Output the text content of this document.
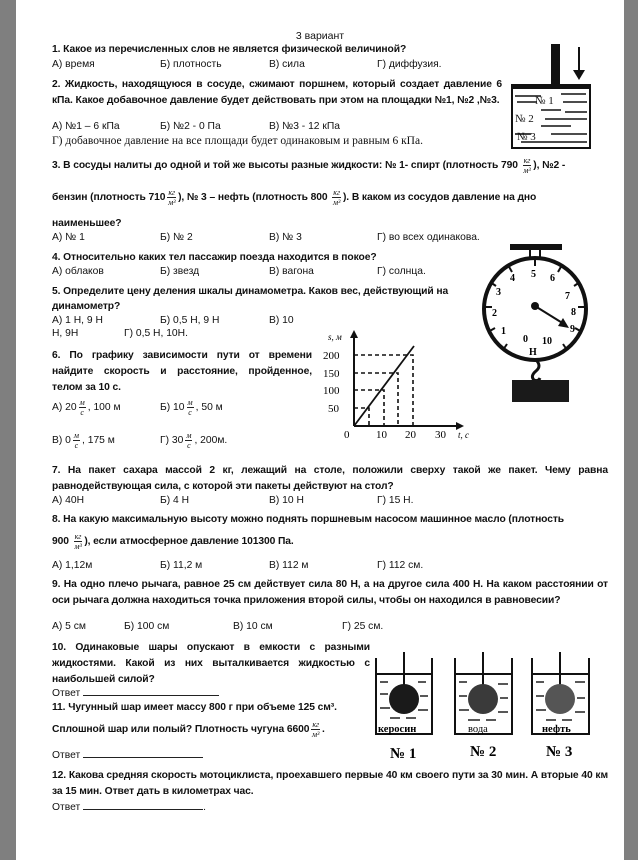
3 вариант
1. Какое из перечисленных слов не является физической величиной?
А) время	Б) плотность	В) сила	Г) диффузия.
2. Жидкость, находящуюся в сосуде, сжимают поршнем, который создает давление 6 кПа. Какое добавочное давление будет действовать при этом на площадки №1, №2 ,№3.
А) №1 – 6 кПа	Б) №2 - 0 Па	В) №3 - 12 кПа
Г) добавочное давление на все площади будет одинаковым и равным 6 кПа.
№ 1
№ 2
№ 3
3. В сосуды налиты до одной и той же высоты разные жидкости: № 1- спирт (плотность $790 \frac{кг}{\text{м³}}$ ), №2 -
бензин (плотность $710 \frac{кг}{\text{м³}}$ ), № 3 – нефть (плотность $800 \frac{кг}{\text{м³}}$ ). В каком из сосудов давление на дно
наименьшее?
А) № 1	Б) № 2	В) № 3	Г) во всех одинакова.
4. Относительно каких тел пассажир поезда находится в покое?
А) облаков	Б) звезд	В) вагона	Г) солнца.
5. Определите цену деления шкалы динамометра. Каков вес, действующий на
динамометр?
А) 1 Н, 9 Н	Б) 0,5 Н, 9 Н	В) 10
Н, 9Н	Г) 0,5 Н, 10Н.
5
4	6
3	7
2	8
1	9
0 10
Н
6. По графику зависимости пути от времени найдите скорость и расстояние, пройденное, телом за 10 с.
А) $20 \frac{м}{с}$ , 100 м	Б) $10 \frac{м}{с}$ , 50 м
В) $0 \frac{м}{с}$ , 175 м	Г) $30 \frac{м}{с}$ , 200м.
s, м
200
150
100
50
0 10 20 30 t, c
7. На пакет сахара массой 2 кг, лежащий на столе, положили сверху такой же пакет. Чему равна равнодействующая сила, с которой эти пакеты действуют на стол?
А) 40Н	Б) 4 Н	В) 10 Н	Г) 15 Н.
8. На какую максимальную высоту можно поднять поршневым насосом машинное масло (плотность
$900 \frac{кг}{\text{м³}}$ ), если атмосферное давление 101300 Па.
А) 1,12м	Б) 11,2 м	В) 112 м	Г) 112 см.
9. На одно плечо рычага, равное 25 см действует сила 80 Н, а на другое сила 400 Н. На каком расстоянии от оси рычага должна находиться точка приложения второй силы, чтобы он находился в равновесии?
А) 5 см	Б) 100 см	В) 10 см	Г) 25 см.
10. Одинаковые шары опускают в емкости с разными жидкостями. Какой из них выталкивается жидкостью с наибольшей силой?
Ответ
11. Чугунный шар имеет массу 800 г при объеме 125 см³.
Сплошной шар или полый? Плотность чугуна $6600 \frac{кг}{\text{м³}}$ .
Ответ
керосин	вода	нефть
№ 1	№ 2	№ 3
12. Какова средняя скорость мотоциклиста, проехавшего первые 40 км своего пути за 30 мин. А вторые 40 км за 15 мин. Ответ дать в километрах час.
Ответ	.
